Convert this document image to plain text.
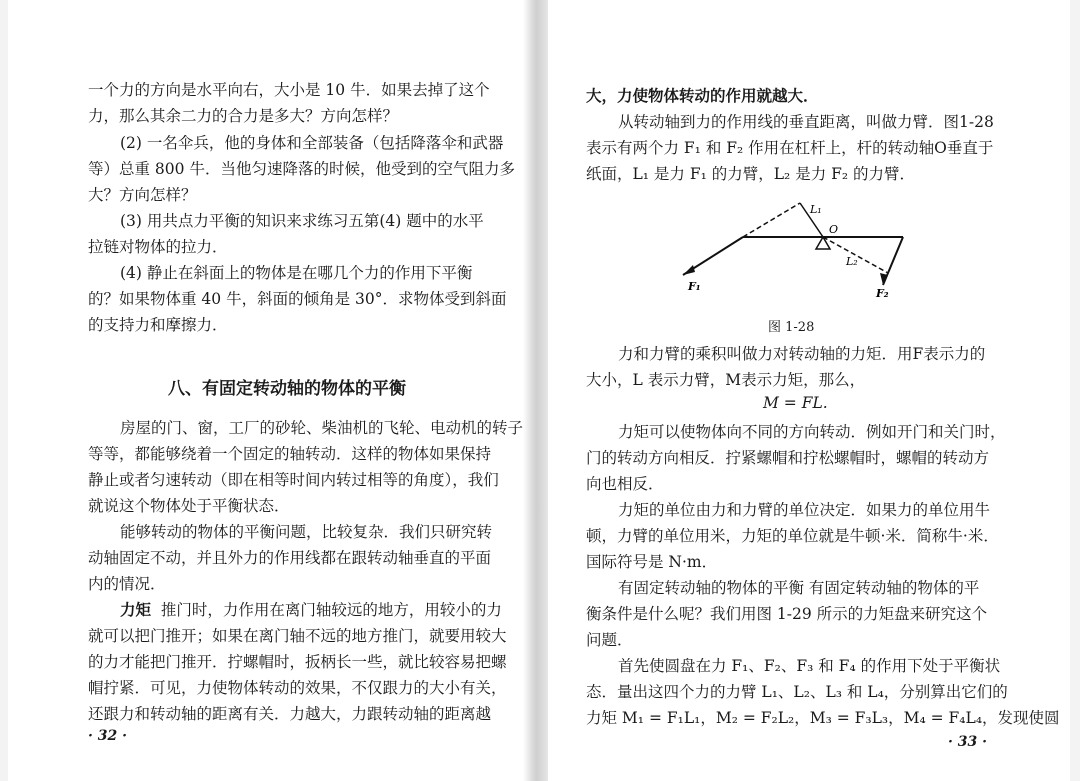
一个力的方向是水平向右，大小是 10 牛．如果去掉了这个
力，那么其余二力的合力是多大？方向怎样？
(2) 一名伞兵，他的身体和全部装备（包括降落伞和武器
等）总重 800 牛．当他匀速降落的时候，他受到的空气阻力多
大？方向怎样？
(3) 用共点力平衡的知识来求练习五第(4) 题中的水平
拉链对物体的拉力．
(4) 静止在斜面上的物体是在哪几个力的作用下平衡
的？如果物体重 40 牛，斜面的倾角是 30°．求物体受到斜面
的支持力和摩擦力．
八、有固定转动轴的物体的平衡
房屋的门、窗，工厂的砂轮、柴油机的飞轮、电动机的转子
等等，都能够绕着一个固定的轴转动．这样的物体如果保持
静止或者匀速转动（即在相等时间内转过相等的角度），我们
就说这个物体处于平衡状态．
能够转动的物体的平衡问题，比较复杂．我们只研究转
动轴固定不动，并且外力的作用线都在跟转动轴垂直的平面
内的情况．
力矩 推门时，力作用在离门轴较远的地方，用较小的力
就可以把门推开；如果在离门轴不远的地方推门，就要用较大
的力才能把门推开．拧螺帽时，扳柄长一些，就比较容易把螺
帽拧紧．可见，力使物体转动的效果，不仅跟力的大小有关，
还跟力和转动轴的距离有关．力越大，力跟转动轴的距离越
· 32 ·
大，力使物体转动的作用就越大．
从转动轴到力的作用线的垂直距离，叫做力臂．图1-28
表示有两个力 F₁ 和 F₂ 作用在杠杆上，杆的转动轴O垂直于
纸面，L₁ 是力 F₁ 的力臂，L₂ 是力 F₂ 的力臂．
L₁
O
L₂
F₁
F₂
图 1-28
力和力臂的乘积叫做力对转动轴的力矩．用F表示力的
大小，L 表示力臂，M表示力矩，那么，
M = FL.
力矩可以使物体向不同的方向转动．例如开门和关门时，
门的转动方向相反．拧紧螺帽和拧松螺帽时，螺帽的转动方
向也相反．
力矩的单位由力和力臂的单位决定．如果力的单位用牛
顿，力臂的单位用米，力矩的单位就是牛顿·米．简称牛·米．
国际符号是 N·m．
有固定转动轴的物体的平衡 有固定转动轴的物体的平
衡条件是什么呢？我们用图 1-29 所示的力矩盘来研究这个
问题．
首先使圆盘在力 F₁、F₂、F₃ 和 F₄ 的作用下处于平衡状
态．量出这四个力的力臂 L₁、L₂、L₃ 和 L₄，分别算出它们的
力矩 M₁ = F₁L₁，M₂ = F₂L₂，M₃ = F₃L₃，M₄ = F₄L₄，发现使圆
· 33 ·
